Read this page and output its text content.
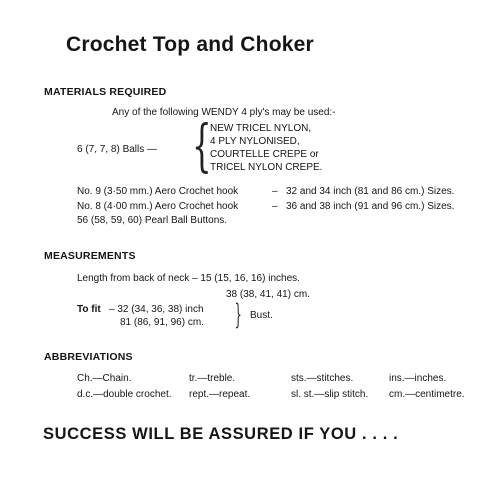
Crochet Top and Choker
MATERIALS REQUIRED
Any of the following WENDY 4 ply's may be used:-
6 (7, 7, 8) Balls — {
NEW TRICEL NYLON,
4 PLY NYLONISED,
COURTELLE CREPE or
TRICEL NYLON CREPE.
No. 9 (3·50 mm.) Aero Crochet hook	– 32 and 34 inch (81 and 86 cm.) Sizes.
No. 8 (4·00 mm.) Aero Crochet hook	– 36 and 38 inch (91 and 96 cm.) Sizes.
56 (58, 59, 60) Pearl Ball Buttons.
MEASUREMENTS
Length from back of neck – 15 (15, 16, 16) inches.
38 (38, 41, 41) cm.
To fit – 32 (34, 36, 38) inch
81 (86, 91, 96) cm. { Bust.
ABBREVIATIONS
Ch.—Chain.	tr.—treble.	sts.—stitches.	ins.—inches.
d.c.—double crochet. rept.—repeat.	sl. st.—slip stitch. cm.—centimetre.
SUCCESS WILL BE ASSURED IF YOU . . . .
